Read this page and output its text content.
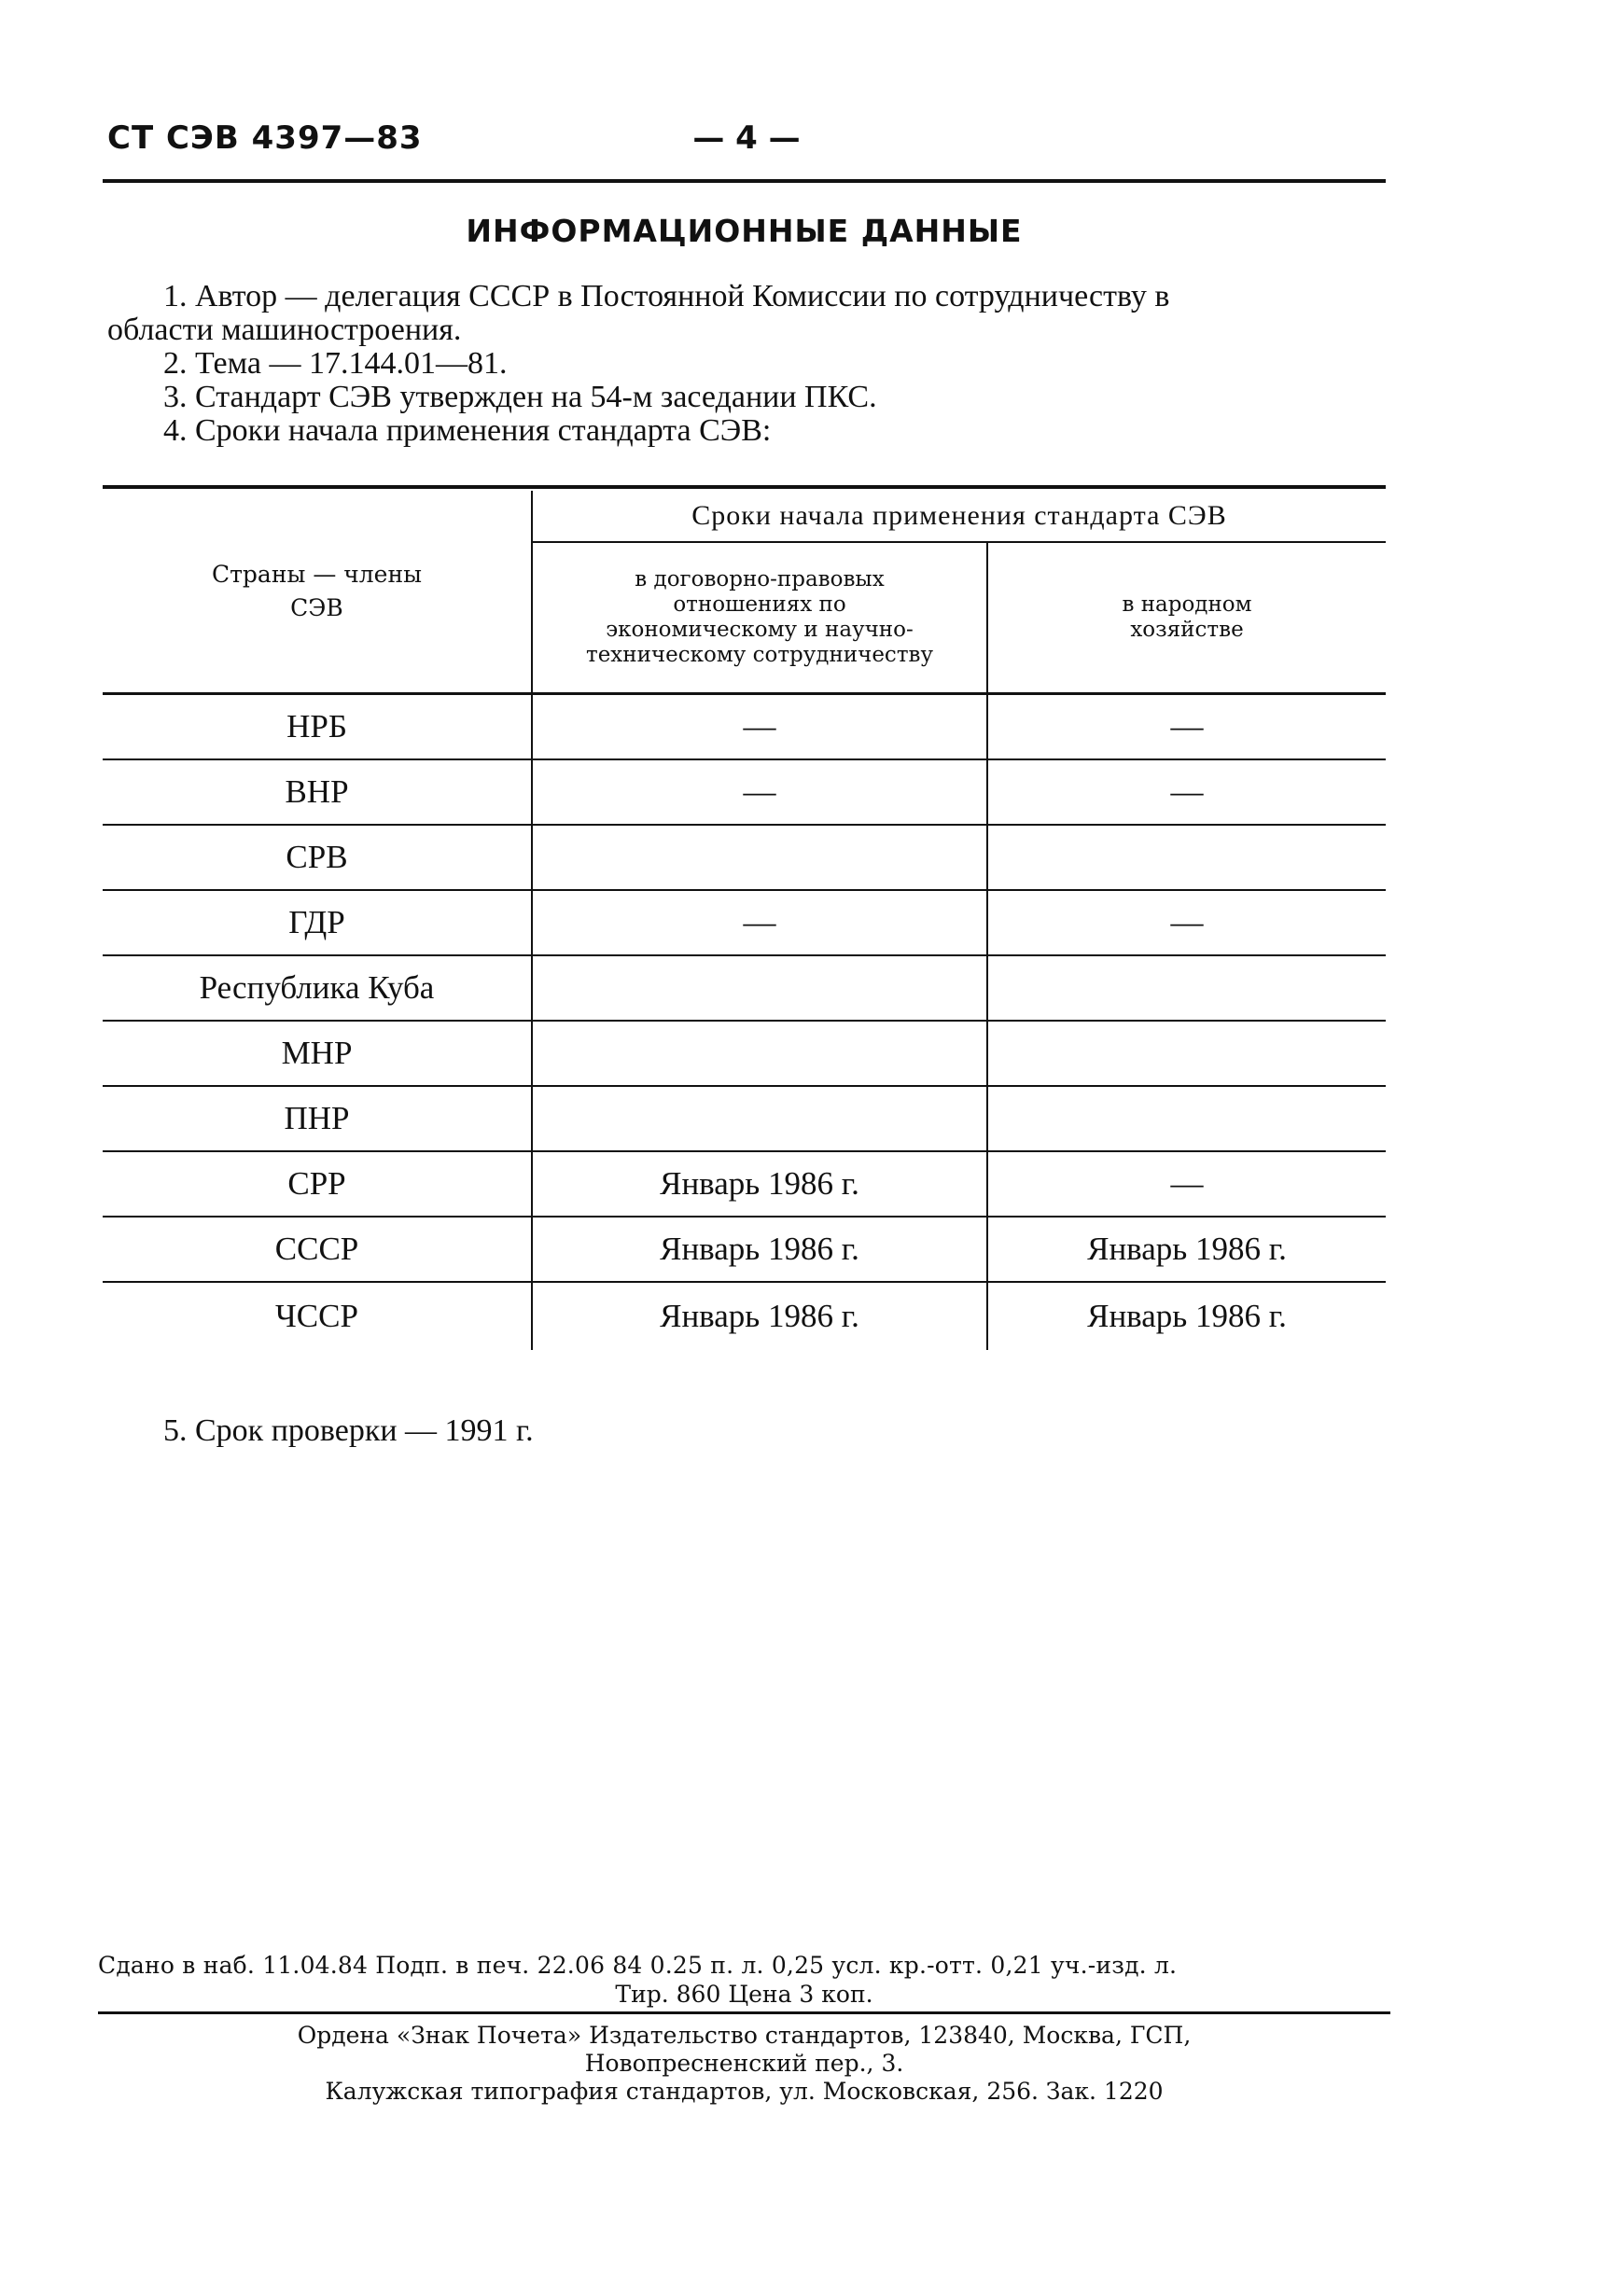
СТ СЭВ 4397—83	— 4 —
ИНФОРМАЦИОННЫЕ ДАННЫЕ

1. Автор — делегация СССР в Постоянной Комиссии по сотрудничеству в

области машиностроения.

2. Тема — 17.144.01—81.

3. Стандарт СЭВ утвержден на 54-м заседании ПКС.

4. Сроки начала применения стандарта СЭВ:

Страны — члены СЭВ	Сроки начала применения стандарта СЭВ	
	в договорно-правовых отношениях по экономическому и научно-техническому сотрудничеству	в народном хозяйстве
НРБ	—	—
ВНР	—	—
СРВ		
ГДР	—	—
Республика Куба		
МНР		
ПНР		
СРР	Январь 1986 г.	—
СССР	Январь 1986 г.	Январь 1986 г.
ЧССР	Январь 1986 г.	Январь 1986 г.
5. Срок проверки — 1991 г.
Сдано в наб. 11.04.84 Подп. в печ. 22.06 84 0.25 п. л. 0,25 усл. кр.-отт. 0,21 уч.-изд. л.
Тир. 860 Цена 3 коп.
Ордена «Знак Почета» Издательство стандартов, 123840, Москва, ГСП,
Новопресненский пер., 3.
Калужская типография стандартов, ул. Московская, 256. Зак. 1220
